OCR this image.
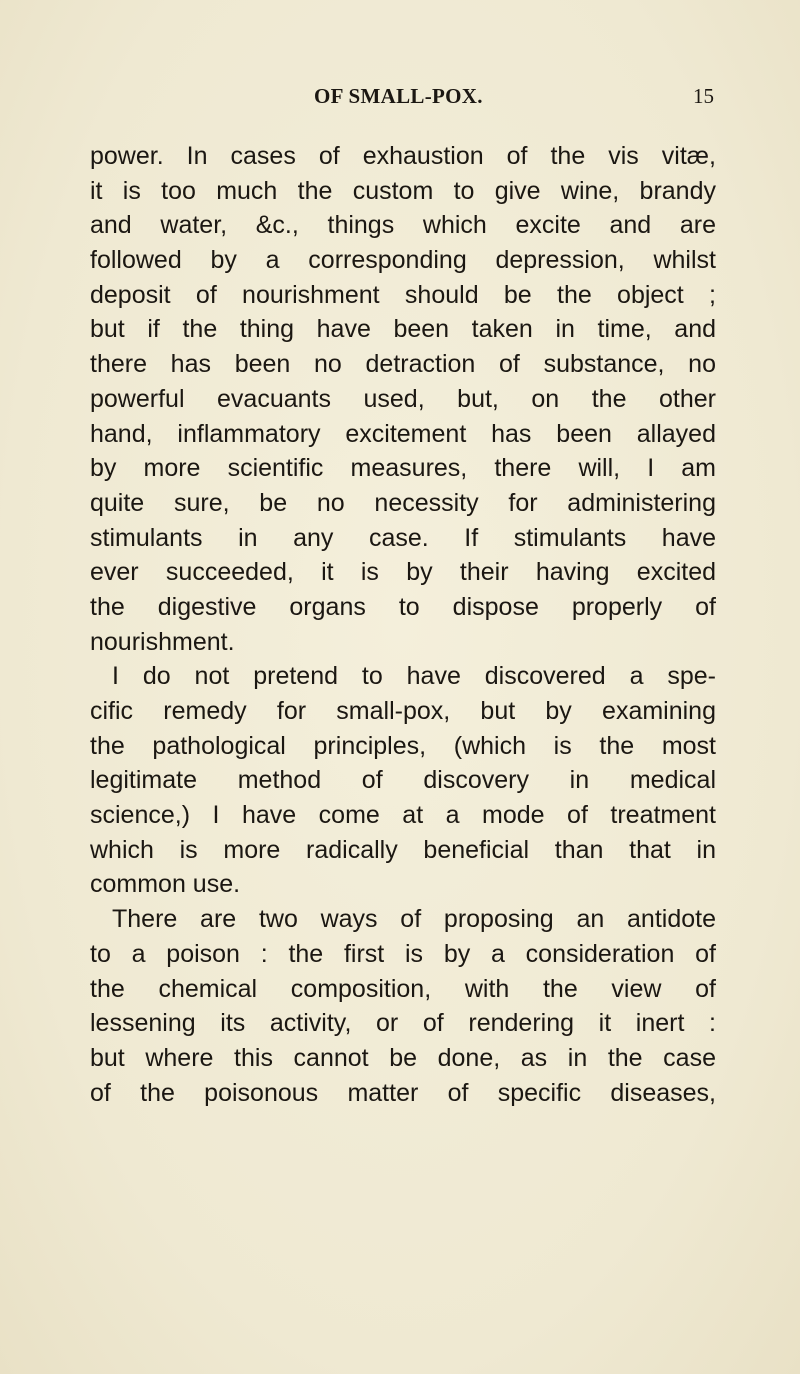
OF SMALL-POX.	15
power. In cases of exhaustion of the vis vitæ,
it is too much the custom to give wine, brandy
and water, &c., things which excite and are
followed by a corresponding depression, whilst
deposit of nourishment should be the object ;
but if the thing have been taken in time, and
there has been no detraction of substance, no
powerful evacuants used, but, on the other
hand, inflammatory excitement has been allayed
by more scientific measures, there will, I am
quite sure, be no necessity for administering
stimulants in any case. If stimulants have
ever succeeded, it is by their having excited
the digestive organs to dispose properly of
nourishment.
I do not pretend to have discovered a spe-
cific remedy for small-pox, but by examining
the pathological principles, (which is the most
legitimate method of discovery in medical
science,) I have come at a mode of treatment
which is more radically beneficial than that in
common use.
There are two ways of proposing an antidote
to a poison : the first is by a consideration of
the chemical composition, with the view of
lessening its activity, or of rendering it inert :
but where this cannot be done, as in the case
of the poisonous matter of specific diseases,
